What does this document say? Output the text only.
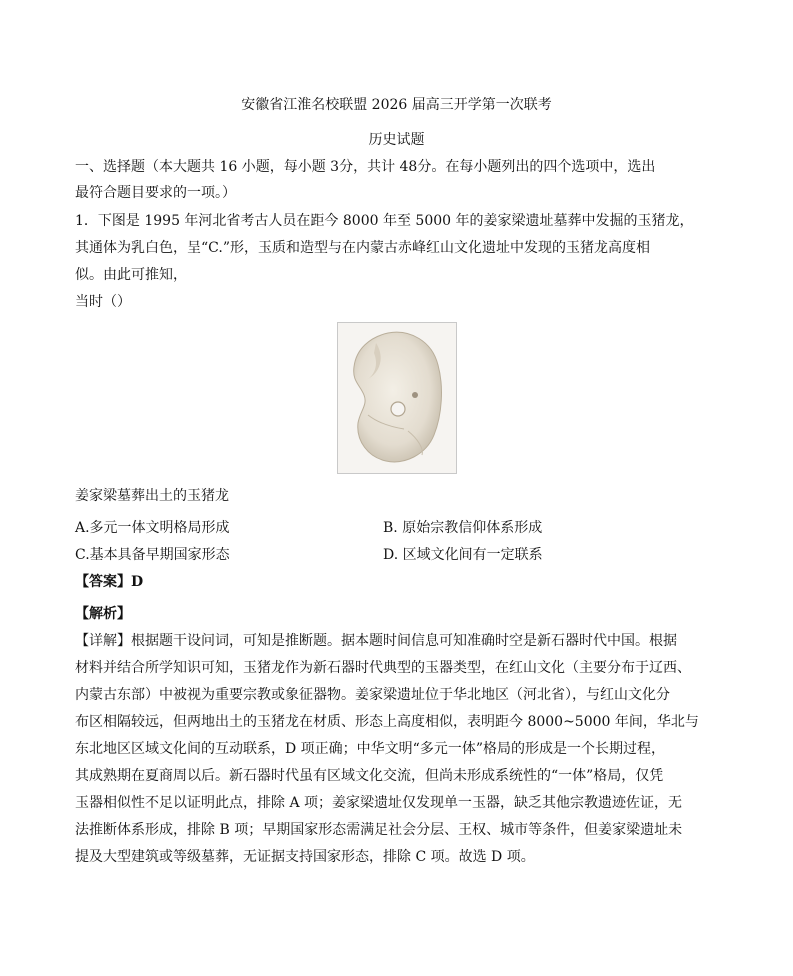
安徽省江淮名校联盟 2026 届高三开学第一次联考
历史试题
一、选择题（本大题共 16 小题，每小题 3分，共计 48分。在每小题列出的四个选项中，选出
最符合题目要求的一项。）
1．下图是 1995 年河北省考古人员在距今 8000 年至 5000 年的姜家梁遗址墓葬中发掘的玉猪龙，
其通体为乳白色，呈“C.”形，玉质和造型与在内蒙古赤峰红山文化遗址中发现的玉猪龙高度相
似。由此可推知，
当时（）
姜家梁墓葬出土的玉猪龙
A.多元一体文明格局形成	B. 原始宗教信仰体系形成
C.基本具备早期国家形态	D. 区域文化间有一定联系
【答案】D
【解析】
【详解】根据题干设问词，可知是推断题。据本题时间信息可知准确时空是新石器时代中国。根据
材料并结合所学知识可知，玉猪龙作为新石器时代典型的玉器类型，在红山文化（主要分布于辽西、
内蒙古东部）中被视为重要宗教或象征器物。姜家梁遗址位于华北地区（河北省），与红山文化分
布区相隔较远，但两地出土的玉猪龙在材质、形态上高度相似，表明距今 8000~5000 年间，华北与
东北地区区域文化间的互动联系，D 项正确；中华文明“多元一体”格局的形成是一个长期过程，
其成熟期在夏商周以后。新石器时代虽有区域文化交流，但尚未形成系统性的“一体”格局，仅凭
玉器相似性不足以证明此点，排除 A 项；姜家梁遗址仅发现单一玉器，缺乏其他宗教遗迹佐证，无
法推断体系形成，排除 B 项；早期国家形态需满足社会分层、王权、城市等条件，但姜家梁遗址未
提及大型建筑或等级墓葬，无证据支持国家形态，排除 C 项。故选 D 项。
